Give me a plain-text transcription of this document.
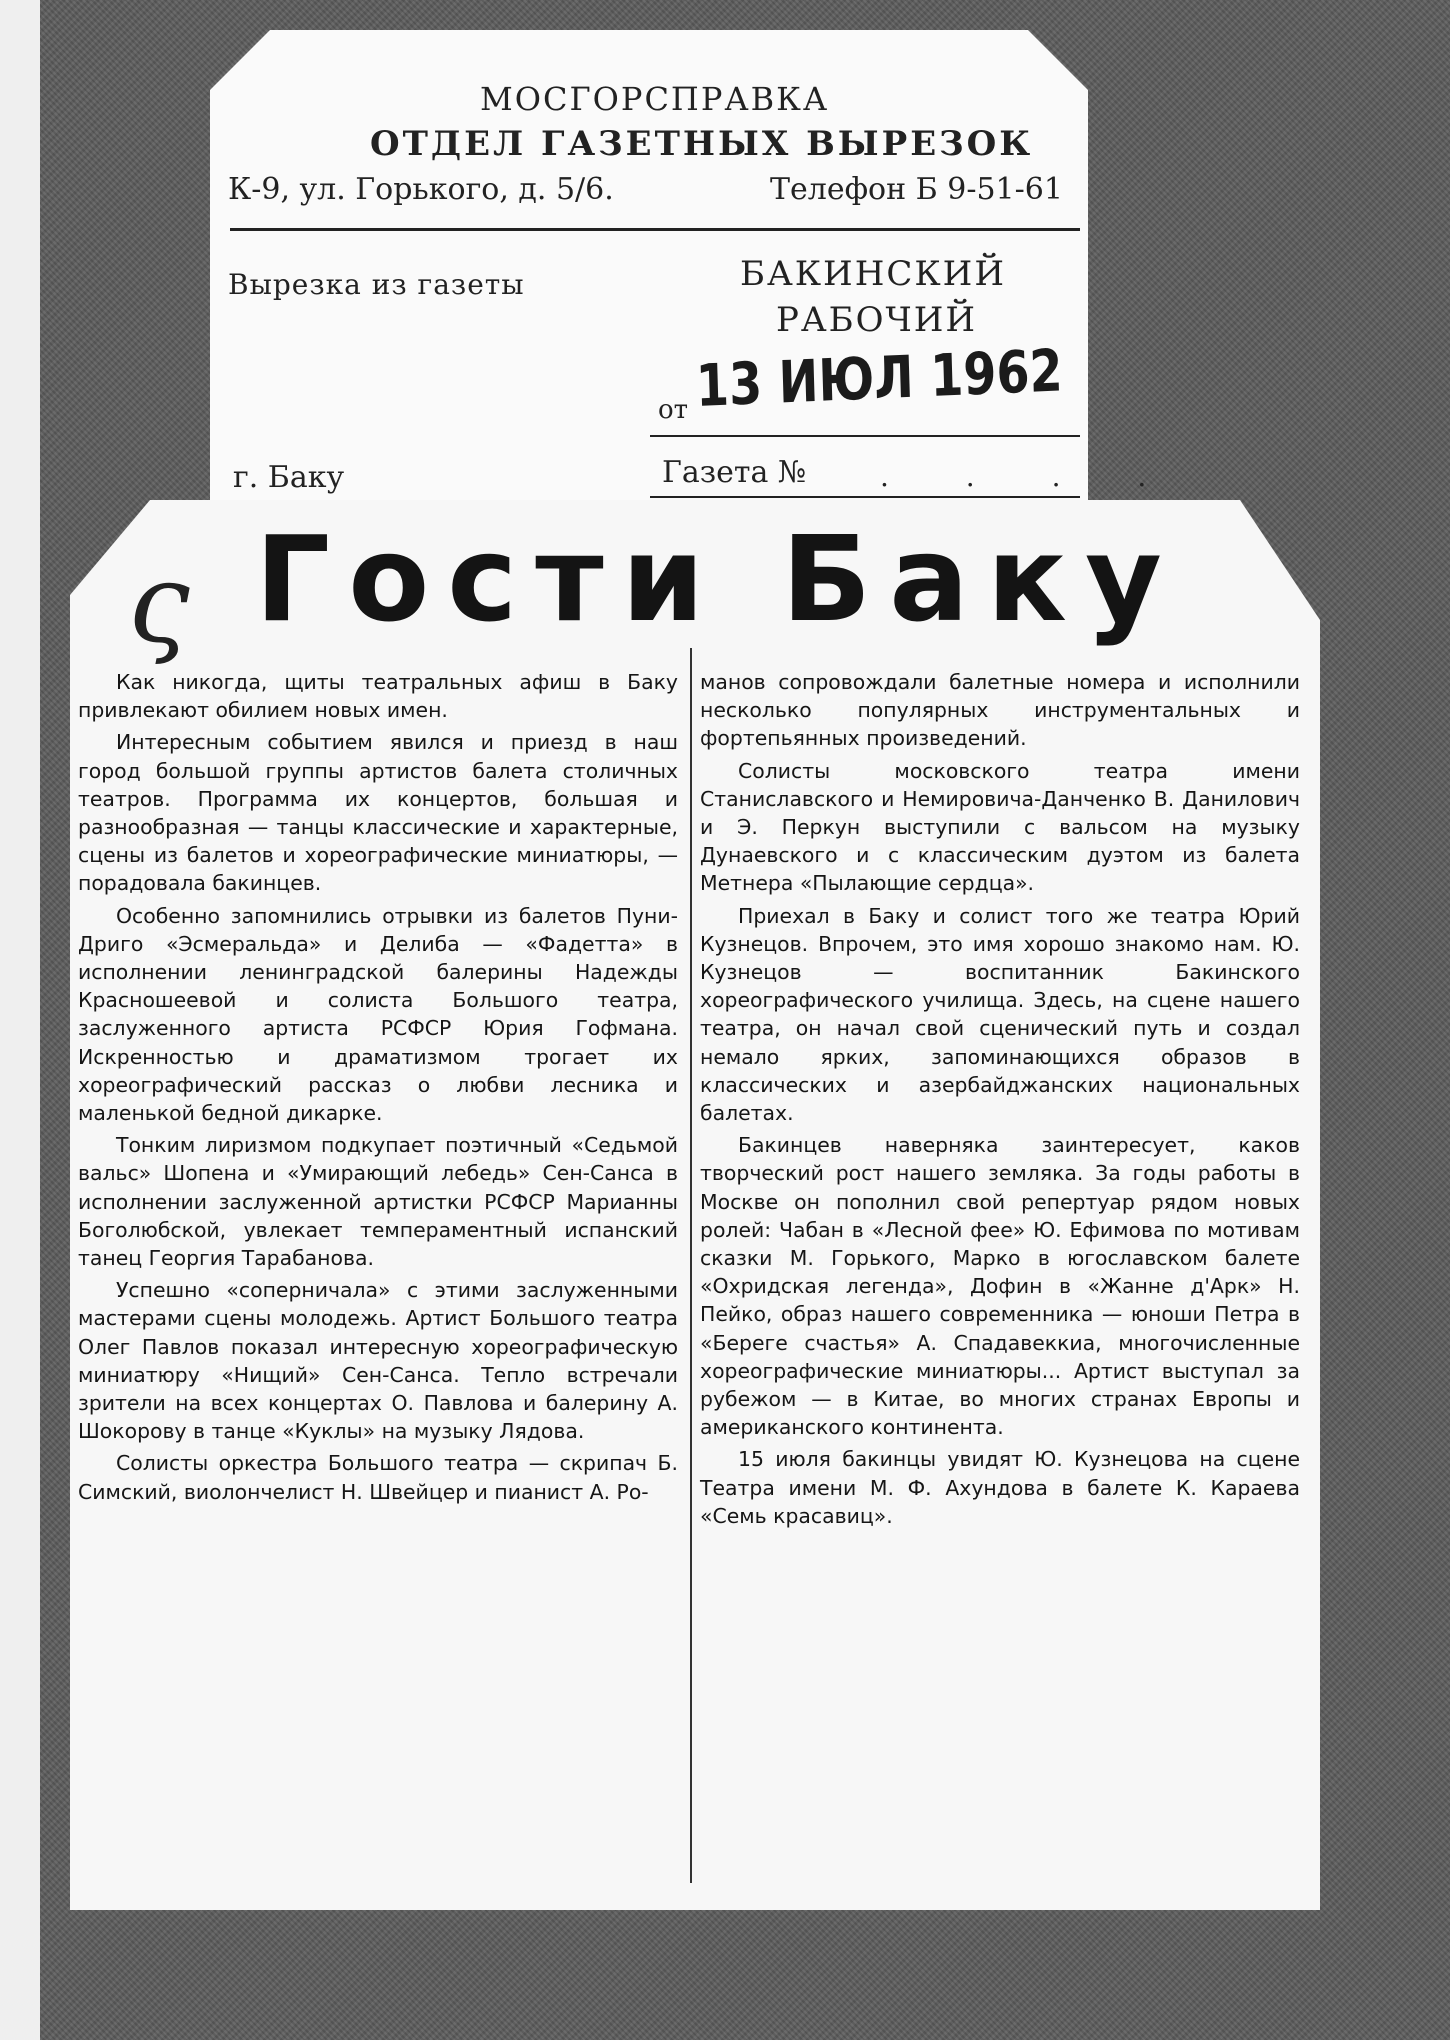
МОСГОРСПРАВКА
ОТДЕЛ ГАЗЕТНЫХ ВЫРЕЗОК
К-9, ул. Горького, д. 5/6.	Телефон Б 9-51-61
Вырезка из газеты	БАКИНСКИЙ
РАБОЧИЙ
от 13 ИЮЛ 1962
г. Баку	Газета №	. . . .
ς Гости Баку

Как никогда, щиты театральных афиш в Баку привлекают обилием новых имен.

Интересным событием явился и приезд в наш город большой группы артистов балета столичных театров. Программа их концертов, большая и разнообразная — танцы классические и характерные, сцены из балетов и хореографические миниатюры, — порадовала бакинцев.

Особенно запомнились отрывки из балетов Пуни-Дриго «Эсмеральда» и Делиба — «Фадетта» в исполнении ленинградской балерины Надежды Красношеевой и солиста Большого театра, заслуженного артиста РСФСР Юрия Гофмана. Искренностью и драматизмом трогает их хореографический рассказ о любви лесника и маленькой бедной дикарке.

Тонким лиризмом подкупает поэтичный «Седьмой вальс» Шопена и «Умирающий лебедь» Сен-Санса в исполнении заслуженной артистки РСФСР Марианны Боголюбской, увлекает темпераментный испанский танец Георгия Тарабанова.

Успешно «соперничала» с этими заслуженными мастерами сцены молодежь. Артист Большого театра Олег Павлов показал интересную хореографическую миниатюру «Нищий» Сен-Санса. Тепло встречали зрители на всех концертах О. Павлова и балерину А. Шокорову в танце «Куклы» на музыку Лядова.

Солисты оркестра Большого театра — скрипач Б. Симский, виолончелист Н. Швейцер и пианист А. Ро-

манов сопровождали балетные номера и исполнили несколько популярных инструментальных и фортепьянных произведений.

Солисты московского театра имени Станиславского и Немировича-Данченко В. Данилович и Э. Перкун выступили с вальсом на музыку Дунаевского и с классическим дуэтом из балета Метнера «Пылающие сердца».

Приехал в Баку и солист того же театра Юрий Кузнецов. Впрочем, это имя хорошо знакомо нам. Ю. Кузнецов — воспитанник Бакинского хореографического училища. Здесь, на сцене нашего театра, он начал свой сценический путь и создал немало ярких, запоминающихся образов в классических и азербайджанских национальных балетах.

Бакинцев наверняка заинтересует, каков творческий рост нашего земляка. За годы работы в Москве он пополнил свой репертуар рядом новых ролей: Чабан в «Лесной фее» Ю. Ефимова по мотивам сказки М. Горького, Марко в югославском балете «Охридская легенда», Дофин в «Жанне д'Арк» Н. Пейко, образ нашего современника — юноши Петра в «Береге счастья» А. Спадавеккиа, многочисленные хореографические миниатюры... Артист выступал за рубежом — в Китае, во многих странах Европы и американского континента.

15 июля бакинцы увидят Ю. Кузнецова на сцене Театра имени М. Ф. Ахундова в балете К. Караева «Семь красавиц».
